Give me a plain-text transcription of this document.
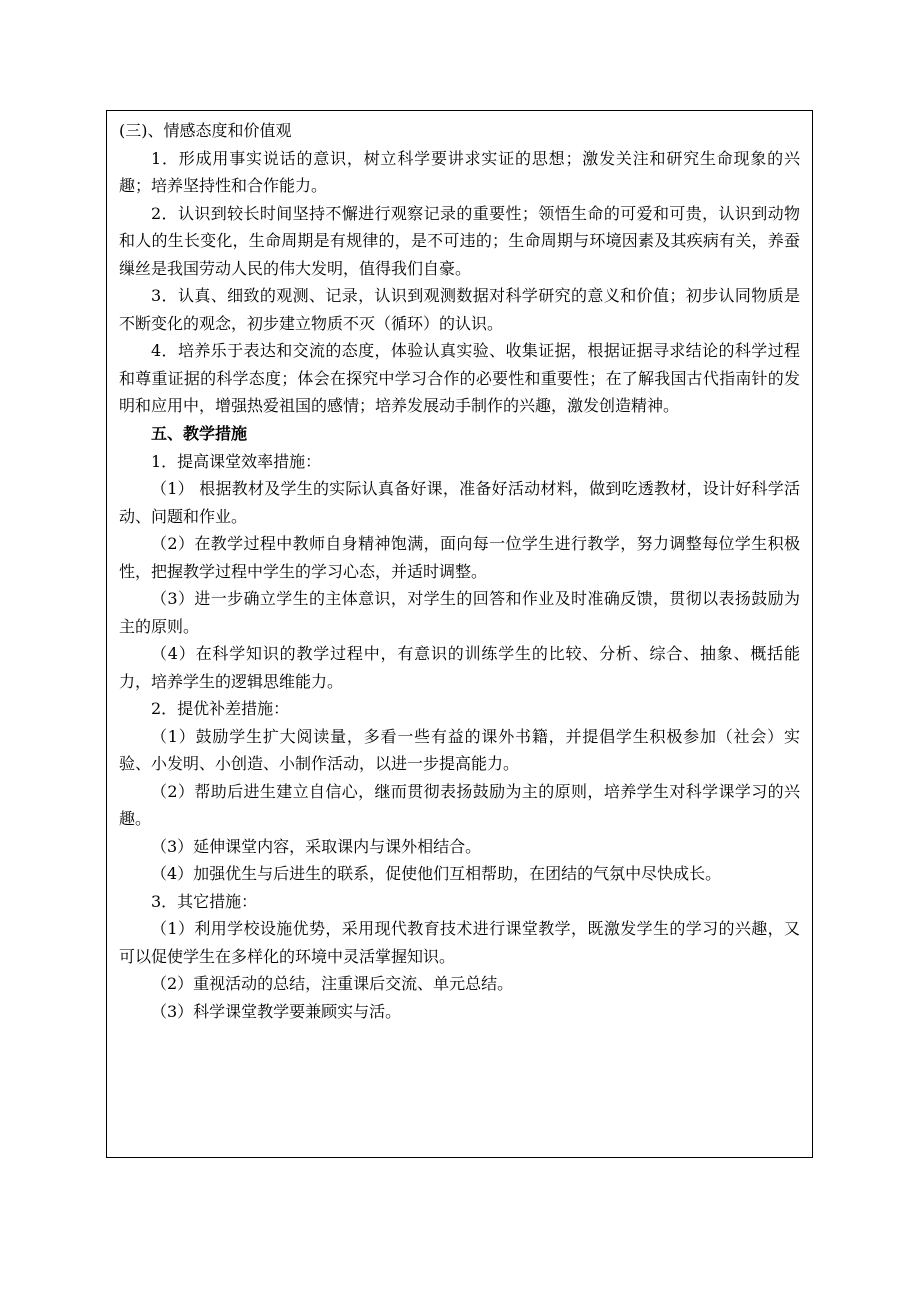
(三)、情感态度和价值观

1．形成用事实说话的意识，树立科学要讲求实证的思想；激发关注和研究生命现象的兴趣；培养坚持性和合作能力。

2．认识到较长时间坚持不懈进行观察记录的重要性；领悟生命的可爱和可贵，认识到动物和人的生长变化，生命周期是有规律的，是不可违的；生命周期与环境因素及其疾病有关，养蚕缫丝是我国劳动人民的伟大发明，值得我们自豪。

3．认真、细致的观测、记录，认识到观测数据对科学研究的意义和价值；初步认同物质是不断变化的观念，初步建立物质不灭（循环）的认识。

4．培养乐于表达和交流的态度，体验认真实验、收集证据，根据证据寻求结论的科学过程和尊重证据的科学态度；体会在探究中学习合作的必要性和重要性；在了解我国古代指南针的发明和应用中，增强热爱祖国的感情；培养发展动手制作的兴趣，激发创造精神。

五、教学措施

1．提高课堂效率措施：

（1） 根据教材及学生的实际认真备好课，准备好活动材料，做到吃透教材，设计好科学活动、问题和作业。

（2）在教学过程中教师自身精神饱满，面向每一位学生进行教学，努力调整每位学生积极性，把握教学过程中学生的学习心态，并适时调整。

（3）进一步确立学生的主体意识，对学生的回答和作业及时准确反馈，贯彻以表扬鼓励为主的原则。

（4）在科学知识的教学过程中，有意识的训练学生的比较、分析、综合、抽象、概括能力，培养学生的逻辑思维能力。

2．提优补差措施：

（1）鼓励学生扩大阅读量，多看一些有益的课外书籍，并提倡学生积极参加（社会）实验、小发明、小创造、小制作活动，以进一步提高能力。

（2）帮助后进生建立自信心，继而贯彻表扬鼓励为主的原则，培养学生对科学课学习的兴趣。

（3）延伸课堂内容，采取课内与课外相结合。

（4）加强优生与后进生的联系，促使他们互相帮助，在团结的气氛中尽快成长。

3．其它措施：

（1）利用学校设施优势，采用现代教育技术进行课堂教学，既激发学生的学习的兴趣，又可以促使学生在多样化的环境中灵活掌握知识。

（2）重视活动的总结，注重课后交流、单元总结。

（3）科学课堂教学要兼顾实与活。
